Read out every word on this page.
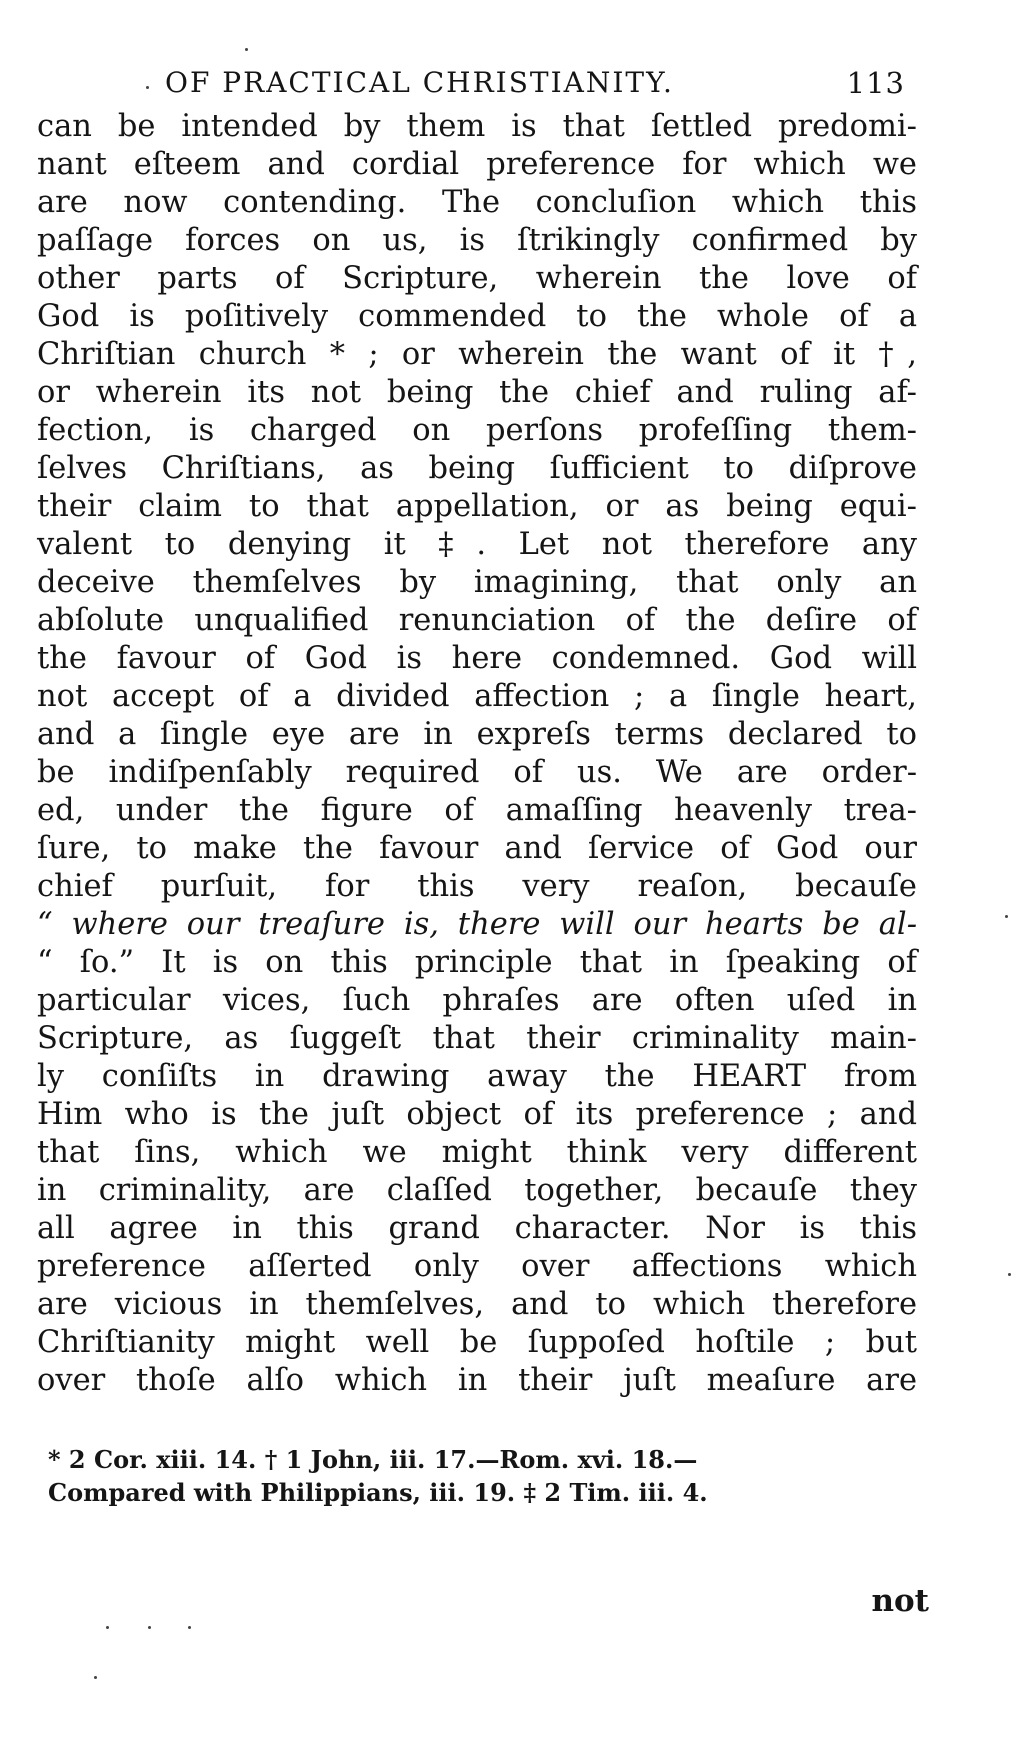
OF PRACTICAL CHRISTIANITY.	113
can be intended by them is that ſettled predomi-
nant eſteem and cordial preference for which we
are now contending. The concluſion which this
paſſage forces on us, is ſtrikingly confirmed by
other parts of Scripture, wherein the love of
God is poſitively commended to the whole of a
Chriſtian church * ; or wherein the want of it †,
or wherein its not being the chief and ruling af-
fection, is charged on perſons profeſſing them-
ſelves Chriſtians, as being ſufficient to diſprove
their claim to that appellation, or as being equi-
valent to denying it ‡. Let not therefore any
deceive themſelves by imagining, that only an
abſolute unqualified renunciation of the deſire of
the favour of God is here condemned. God will
not accept of a divided affection ; a ſingle heart,
and a ſingle eye are in expreſs terms declared to
be indiſpenſably required of us. We are order-
ed, under the figure of amaſſing heavenly trea-
ſure, to make the favour and ſervice of God our
chief purſuit, for this very reaſon, becauſe
“ where our treaſure is, there will our hearts be al-
“ ſo.” It is on this principle that in ſpeaking of
particular vices, ſuch phraſes are often uſed in
Scripture, as ſuggeſt that their criminality main-
ly conſiſts in drawing away the HEART from
Him who is the juſt object of its preference ; and
that ſins, which we might think very different
in criminality, are claſſed together, becauſe they
all agree in this grand character. Nor is this
preference aſſerted only over affections which
are vicious in themſelves, and to which therefore
Chriſtianity might well be ſuppoſed hoſtile ; but
over thoſe alſo which in their juſt meaſure are
* 2 Cor. xiii. 14. † 1 John, iii. 17.—Rom. xvi. 18.—
Compared with Philippians, iii. 19. ‡ 2 Tim. iii. 4.
not
